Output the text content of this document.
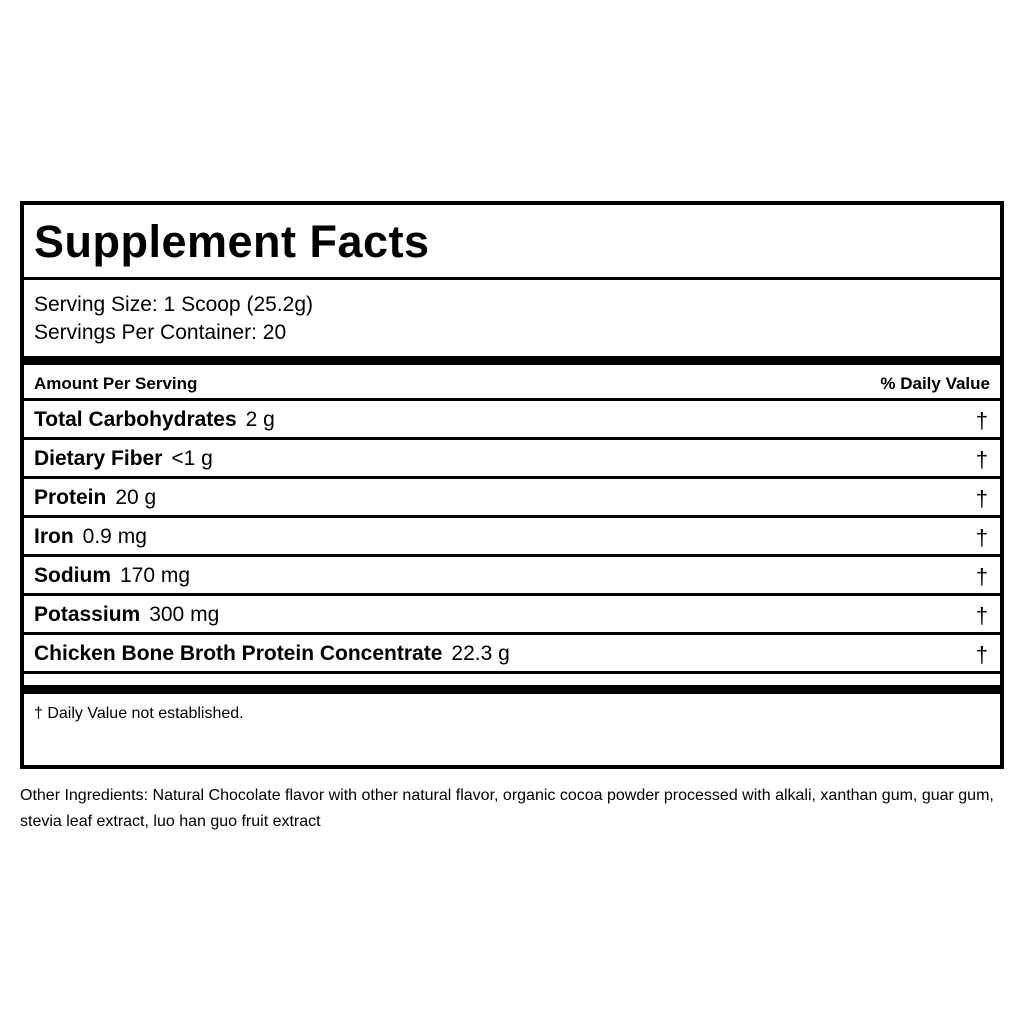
Supplement Facts
Serving Size: 1 Scoop (25.2g)
Servings Per Container: 20
Amount Per Serving	% Daily Value
Total Carbohydrates 2 g	†
Dietary Fiber <1 g	†
Protein 20 g	†
Iron 0.9 mg	†
Sodium 170 mg	†
Potassium 300 mg	†
Chicken Bone Broth Protein Concentrate 22.3 g	†
† Daily Value not established.
Other Ingredients: Natural Chocolate flavor with other natural flavor, organic cocoa powder processed with alkali, xanthan gum, guar gum, stevia leaf extract, luo han guo fruit extract
